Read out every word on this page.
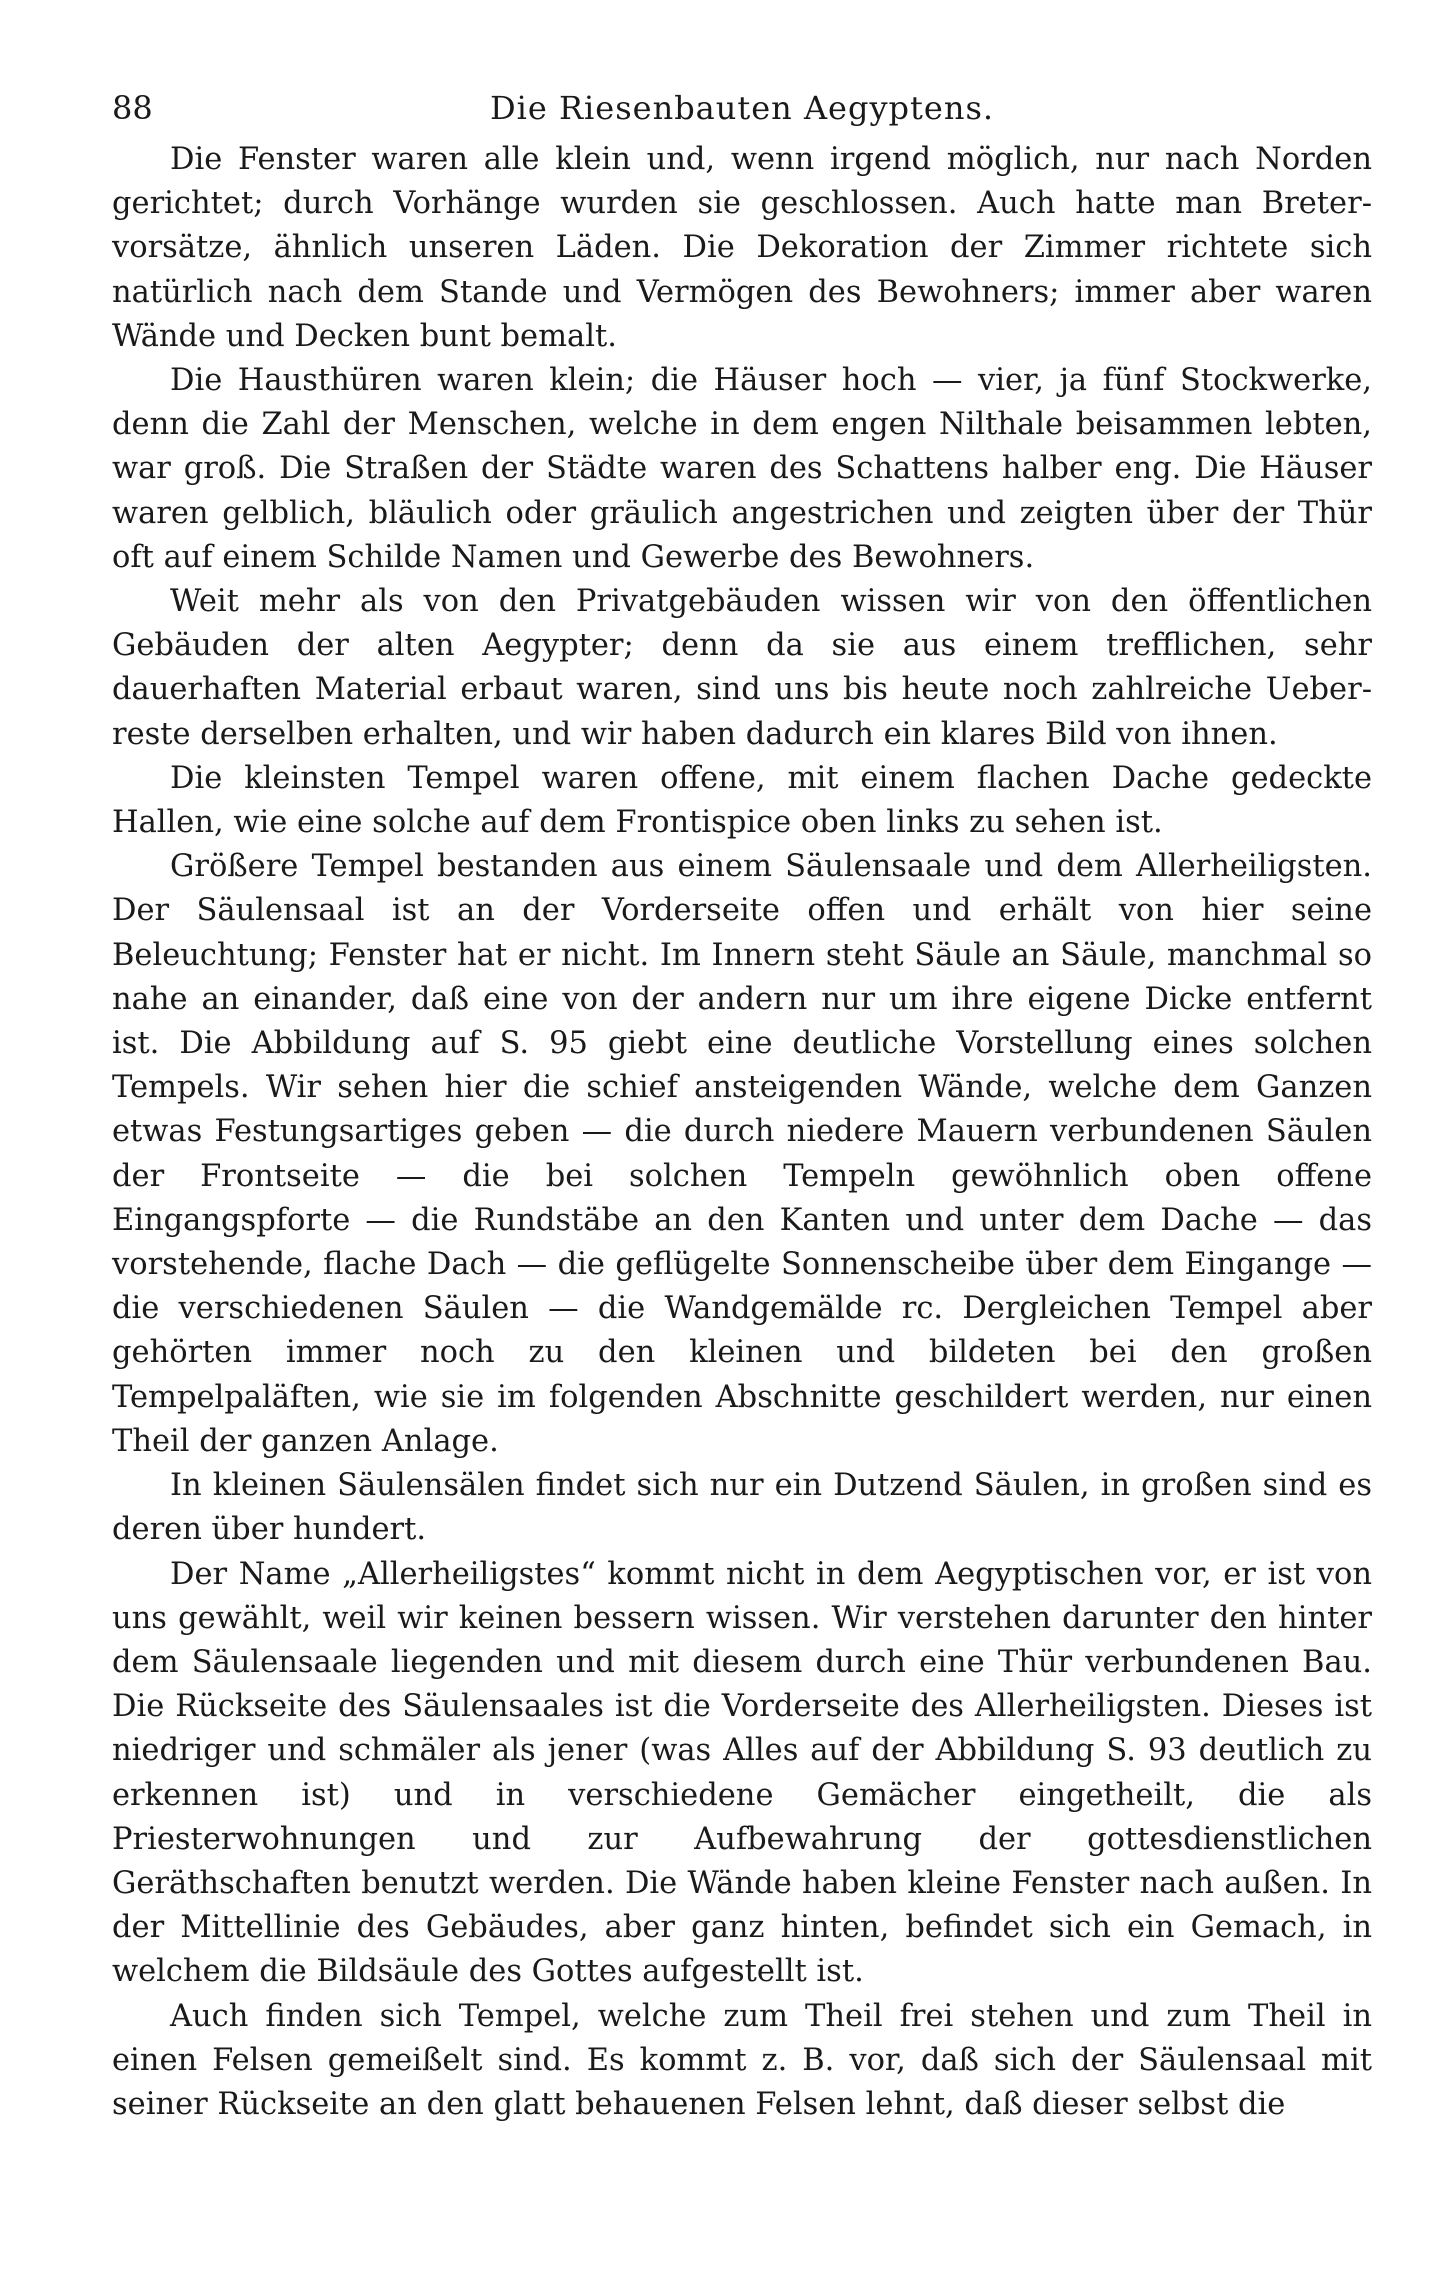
88	Die Riesenbauten Aegyptens.

Die Fenster waren alle klein und, wenn irgend möglich, nur nach Norden gerichtet; durch Vorhänge wurden sie geschlossen. Auch hatte man Bretervorsätze, ähnlich unseren Läden. Die Dekoration der Zimmer richtete sich natürlich nach dem Stande und Vermögen des Bewohners; immer aber waren Wände und Decken bunt bemalt.

Die Hausthüren waren klein; die Häuser hoch — vier, ja fünf Stockwerke, denn die Zahl der Menschen, welche in dem engen Nilthale beisammen lebten, war groß. Die Straßen der Städte waren des Schattens halber eng. Die Häuser waren gelblich, bläulich oder gräulich angestrichen und zeigten über der Thür oft auf einem Schilde Namen und Gewerbe des Bewohners.

Weit mehr als von den Privatgebäuden wissen wir von den öffentlichen Gebäuden der alten Aegypter; denn da sie aus einem trefflichen, sehr dauerhaften Material erbaut waren, sind uns bis heute noch zahlreiche Ueberreste derselben erhalten, und wir haben dadurch ein klares Bild von ihnen.

Die kleinsten Tempel waren offene, mit einem flachen Dache gedeckte Hallen, wie eine solche auf dem Frontispice oben links zu sehen ist.

Größere Tempel bestanden aus einem Säulensaale und dem Allerheiligsten. Der Säulensaal ist an der Vorderseite offen und erhält von hier seine Beleuchtung; Fenster hat er nicht. Im Innern steht Säule an Säule, manchmal so nahe an einander, daß eine von der andern nur um ihre eigene Dicke entfernt ist. Die Abbildung auf S. 95 giebt eine deutliche Vorstellung eines solchen Tempels. Wir sehen hier die schief ansteigenden Wände, welche dem Ganzen etwas Festungsartiges geben — die durch niedere Mauern verbundenen Säulen der Frontseite — die bei solchen Tempeln gewöhnlich oben offene Eingangspforte — die Rundstäbe an den Kanten und unter dem Dache — das vorstehende, flache Dach — die geflügelte Sonnenscheibe über dem Eingange — die verschiedenen Säulen — die Wandgemälde rc. Dergleichen Tempel aber gehörten immer noch zu den kleinen und bildeten bei den großen Tempelpaläften, wie sie im folgenden Abschnitte geschildert werden, nur einen Theil der ganzen Anlage.

In kleinen Säulensälen findet sich nur ein Dutzend Säulen, in großen sind es deren über hundert.

Der Name „Allerheiligstes“ kommt nicht in dem Aegyptischen vor, er ist von uns gewählt, weil wir keinen bessern wissen. Wir verstehen darunter den hinter dem Säulensaale liegenden und mit diesem durch eine Thür verbundenen Bau. Die Rückseite des Säulensaales ist die Vorderseite des Allerheiligsten. Dieses ist niedriger und schmäler als jener (was Alles auf der Abbildung S. 93 deutlich zu erkennen ist) und in verschiedene Gemächer eingetheilt, die als Priesterwohnungen und zur Aufbewahrung der gottesdienstlichen Geräthschaften benutzt werden. Die Wände haben kleine Fenster nach außen. In der Mittellinie des Gebäudes, aber ganz hinten, befindet sich ein Gemach, in welchem die Bildsäule des Gottes aufgestellt ist.

Auch finden sich Tempel, welche zum Theil frei stehen und zum Theil in einen Felsen gemeißelt sind. Es kommt z. B. vor, daß sich der Säulensaal mit seiner Rückseite an den glatt behauenen Felsen lehnt, daß dieser selbst die
